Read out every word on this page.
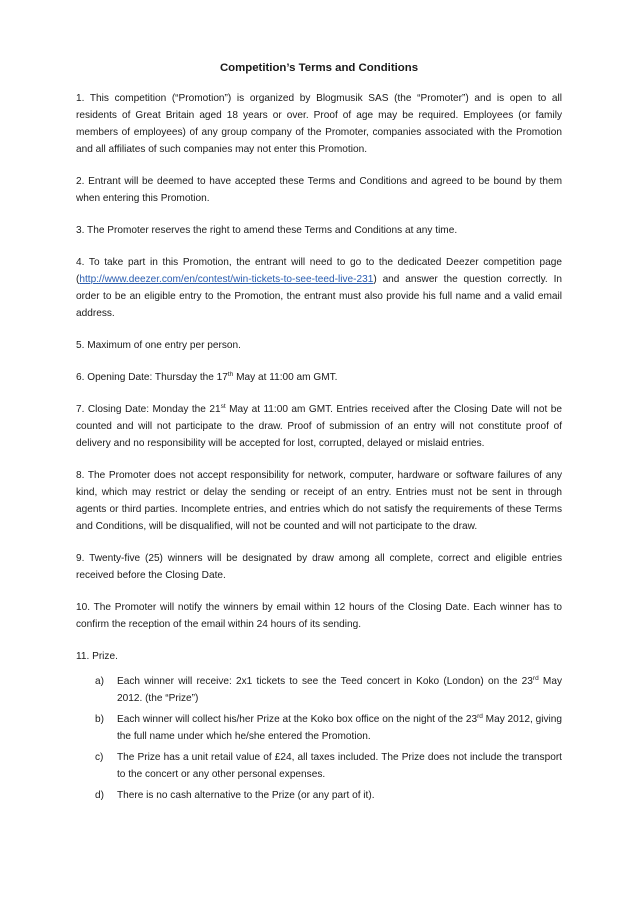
Competition’s Terms and Conditions

1. This competition (“Promotion”) is organized by Blogmusik SAS (the “Promoter”) and is open to all residents of Great Britain aged 18 years or over. Proof of age may be required. Employees (or family members of employees) of any group company of the Promoter, companies associated with the Promotion and all affiliates of such companies may not enter this Promotion.

2. Entrant will be deemed to have accepted these Terms and Conditions and agreed to be bound by them when entering this Promotion.

3. The Promoter reserves the right to amend these Terms and Conditions at any time.

4. To take part in this Promotion, the entrant will need to go to the dedicated Deezer competition page (http://www.deezer.com/en/contest/win-tickets-to-see-teed-live-231) and answer the question correctly. In order to be an eligible entry to the Promotion, the entrant must also provide his full name and a valid email address.

5. Maximum of one entry per person.

6. Opening Date: Thursday the 17th May at 11:00 am GMT.

7. Closing Date: Monday the 21st May at 11:00 am GMT. Entries received after the Closing Date will not be counted and will not participate to the draw. Proof of submission of an entry will not constitute proof of delivery and no responsibility will be accepted for lost, corrupted, delayed or mislaid entries.

8. The Promoter does not accept responsibility for network, computer, hardware or software failures of any kind, which may restrict or delay the sending or receipt of an entry. Entries must not be sent in through agents or third parties. Incomplete entries, and entries which do not satisfy the requirements of these Terms and Conditions, will be disqualified, will not be counted and will not participate to the draw.

9. Twenty-five (25) winners will be designated by draw among all complete, correct and eligible entries received before the Closing Date.

10. The Promoter will notify the winners by email within 12 hours of the Closing Date. Each winner has to confirm the reception of the email within 24 hours of its sending.

11. Prize.
a) Each winner will receive: 2x1 tickets to see the Teed concert in Koko (London) on the 23rd May 2012. (the “Prize”)
b) Each winner will collect his/her Prize at the Koko box office on the night of the 23rd May 2012, giving the full name under which he/she entered the Promotion.
c) The Prize has a unit retail value of £24, all taxes included. The Prize does not include the transport to the concert or any other personal expenses.
d) There is no cash alternative to the Prize (or any part of it).
